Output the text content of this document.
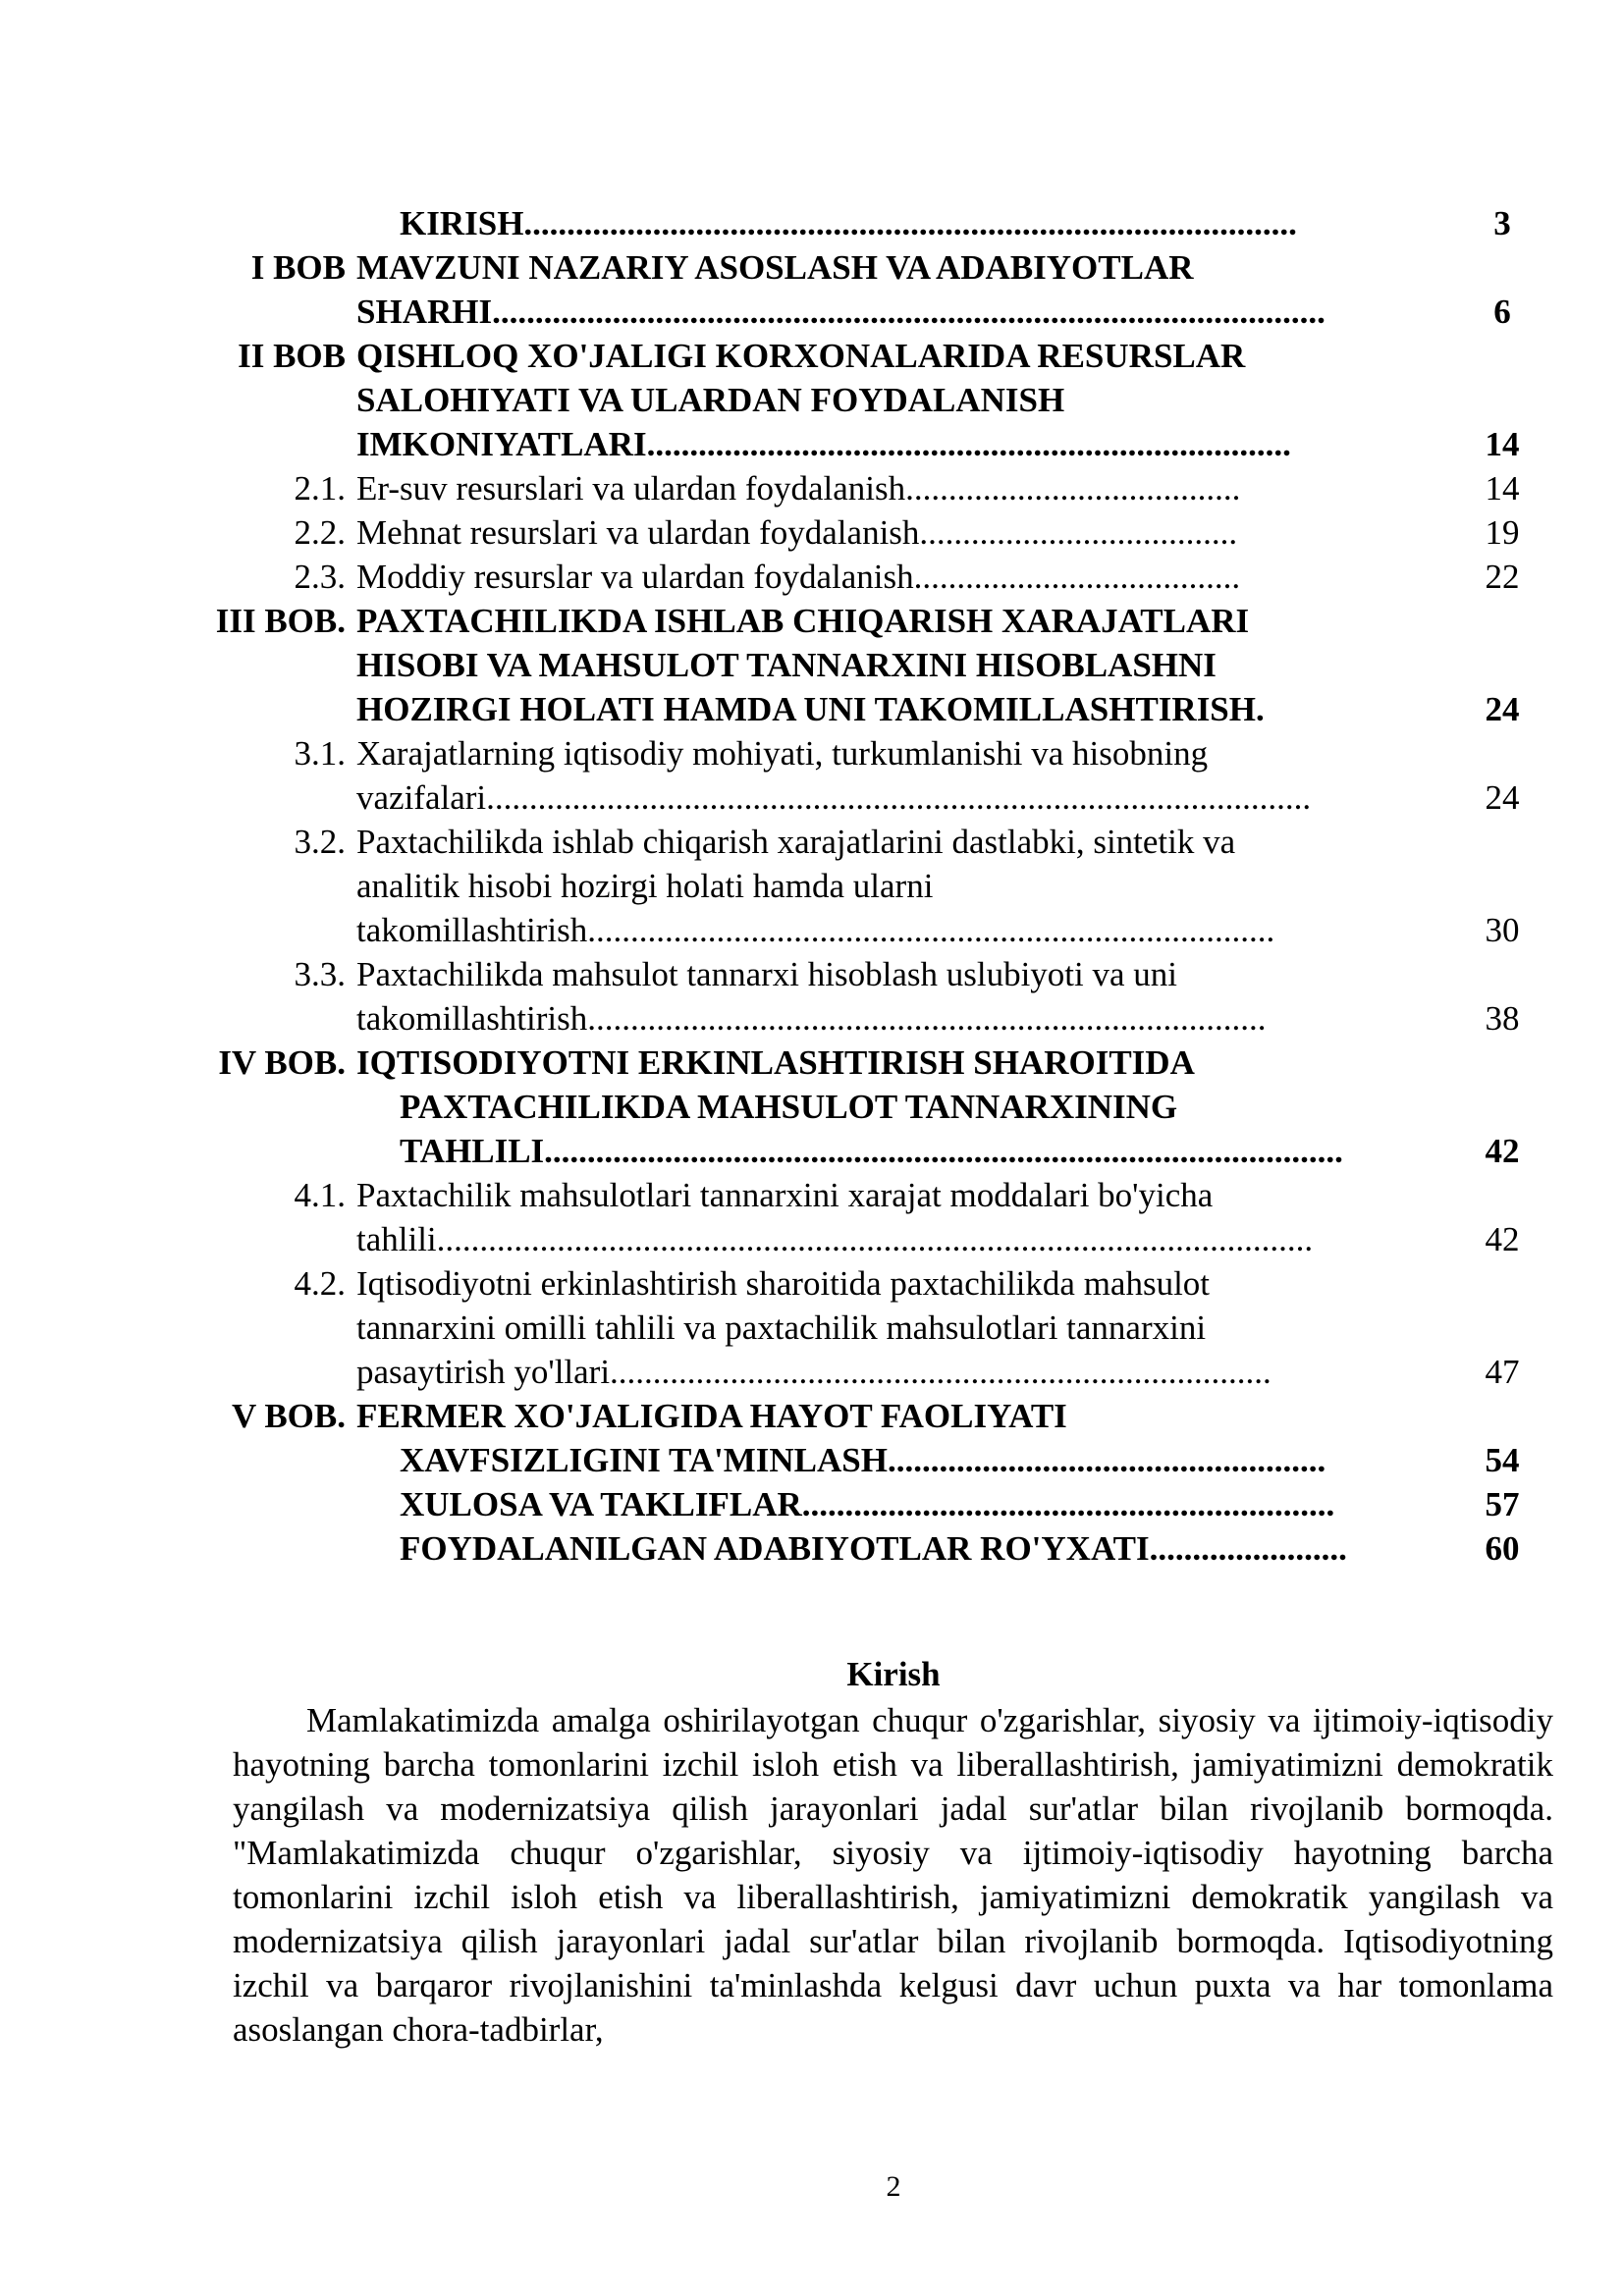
KIRISH..........................................................................................	3
I BOB MAVZUNI NAZARIY ASOSLASH VA ADABIYOTLAR
SHARHI.................................................................................................	6
II BOB QISHLOQ XO'JALIGI KORXONALARIDA RESURSLAR
SALOHIYATI VA ULARDAN FOYDALANISH
IMKONIYATLARI...........................................................................	14
2.1. Er-suv resurslari va ulardan foydalanish.......................................	14
2.2. Mehnat resurslari va ulardan foydalanish.....................................	19
2.3. Moddiy resurslar va ulardan foydalanish......................................	22
III BOB. PAXTACHILIKDA ISHLAB CHIQARISH XARAJATLARI
HISOBI VA MAHSULOT TANNARXINI HISOBLASHNI
HOZIRGI HOLATI HAMDA UNI TAKOMILLASHTIRISH.	24
3.1. Xarajatlarning iqtisodiy mohiyati, turkumlanishi va hisobning
vazifalari................................................................................................	24
3.2. Paxtachilikda ishlab chiqarish xarajatlarini dastlabki, sintetik va
analitik hisobi hozirgi holati hamda ularni
takomillashtirish................................................................................	30
3.3. Paxtachilikda mahsulot tannarxi hisoblash uslubiyoti va uni
takomillashtirish...............................................................................	38
IV BOB. IQTISODIYOTNI ERKINLASHTIRISH SHAROITIDA
PAXTACHILIKDA MAHSULOT TANNARXINING
TAHLILI.............................................................................................	42
4.1. Paxtachilik mahsulotlari tannarxini xarajat moddalari bo'yicha
tahlili......................................................................................................	42
4.2. Iqtisodiyotni erkinlashtirish sharoitida paxtachilikda mahsulot
tannarxini omilli tahlili va paxtachilik mahsulotlari tannarxini
pasaytirish yo'llari.............................................................................	47
V BOB. FERMER XO'JALIGIDA HAYOT FAOLIYATI
XAVFSIZLIGINI TA'MINLASH...................................................	54
XULOSA VA TAKLIFLAR..............................................................	57
FOYDALANILGAN ADABIYOTLAR RO'YXATI.......................	60
Kirish
Mamlakatimizda amalga oshirilayotgan chuqur o'zgarishlar, siyosiy va ijtimoiy-iqtisodiy hayotning barcha tomonlarini izchil isloh etish va liberallashtirish, jamiyatimizni demokratik yangilash va modernizatsiya qilish jarayonlari jadal sur'atlar bilan rivojlanib bormoqda. "Mamlakatimizda chuqur o'zgarishlar, siyosiy va ijtimoiy-iqtisodiy hayotning barcha tomonlarini izchil isloh etish va liberallashtirish, jamiyatimizni demokratik yangilash va modernizatsiya qilish jarayonlari jadal sur'atlar bilan rivojlanib bormoqda. Iqtisodiyotning izchil va barqaror rivojlanishini ta'minlashda kelgusi davr uchun puxta va har tomonlama asoslangan chora-tadbirlar,
2
